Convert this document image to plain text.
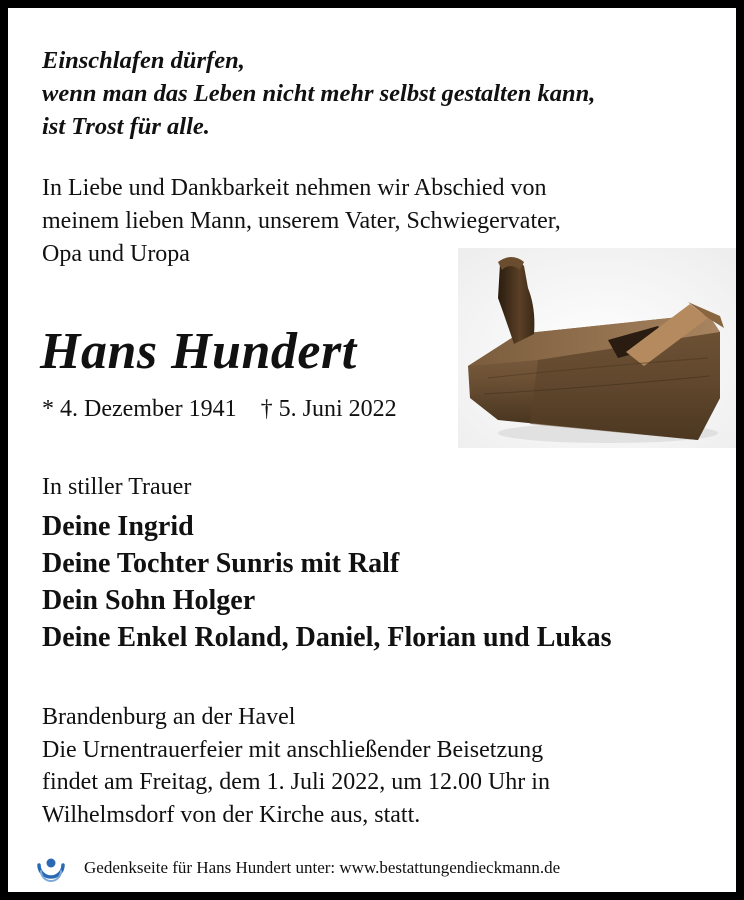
Einschlafen dürfen,
wenn man das Leben nicht mehr selbst gestalten kann,
ist Trost für alle.
In Liebe und Dankbarkeit nehmen wir Abschied von
meinem lieben Mann, unserem Vater, Schwiegervater,
Opa und Uropa
Hans Hundert
* 4. Dezember 1941 † 5. Juni 2022
In stiller Trauer
Deine Ingrid
Deine Tochter Sunris mit Ralf
Dein Sohn Holger
Deine Enkel Roland, Daniel, Florian und Lukas
Brandenburg an der Havel
Die Urnentrauerfeier mit anschließender Beisetzung
findet am Freitag, dem 1. Juli 2022, um 12.00 Uhr in
Wilhelmsdorf von der Kirche aus, statt.
Gedenkseite für Hans Hundert unter: www.bestattungendieckmann.de
